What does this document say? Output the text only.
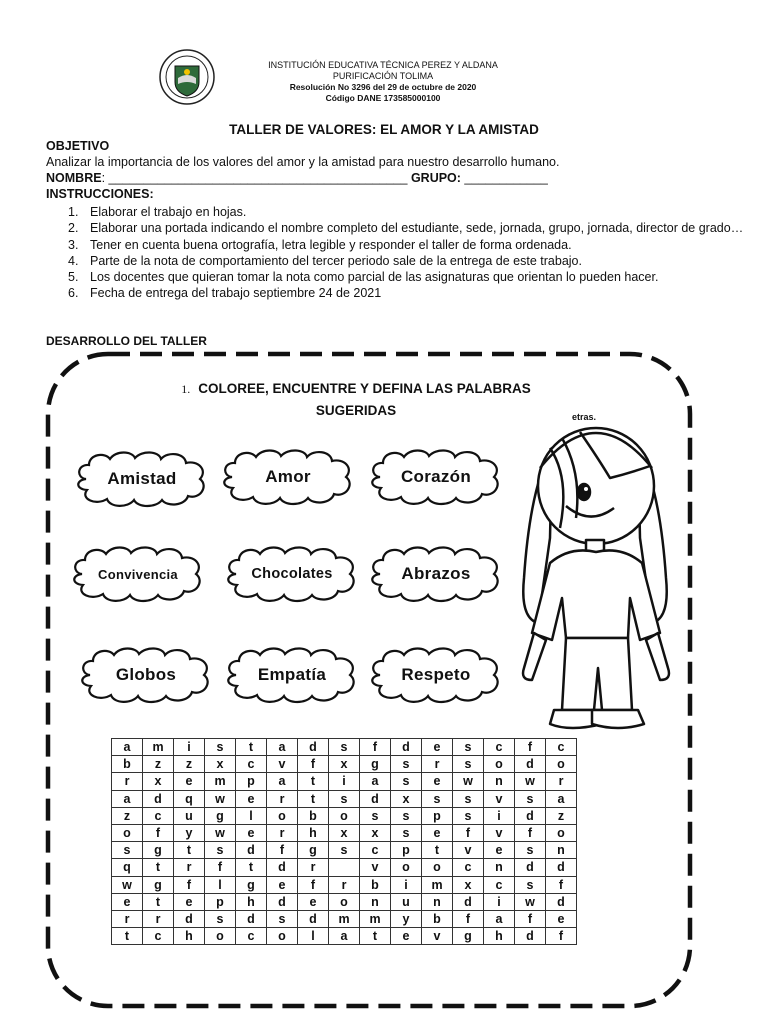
INSTITUCIÓN EDUCATIVA TÉCNICA PEREZ Y ALDANA
PURIFICACIÓN TOLIMA
Resolución No 3296 del 29 de octubre de 2020
Código DANE 173585000100
TALLER DE VALORES: EL AMOR Y LA AMISTAD
OBJETIVO
Analizar la importancia de los valores del amor y la amistad para nuestro desarrollo humano.
NOMBRE: ___________________________________________ GRUPO: ____________
INSTRUCCIONES:
1. Elaborar el trabajo en hojas.
2. Elaborar una portada indicando el nombre completo del estudiante, sede, jornada, grupo, jornada, director de grado…
3. Tener en cuenta buena ortografía, letra legible y responder el taller de forma ordenada.
4. Parte de la nota de comportamiento del tercer periodo sale de la entrega de este trabajo.
5. Los docentes que quieran tomar la nota como parcial de las asignaturas que orientan lo pueden hacer.
6. Fecha de entrega del trabajo septiembre 24 de 2021
DESARROLLO DEL TALLER
1. COLOREE, ENCUENTRE Y DEFINA LAS PALABRAS
SUGERIDAS	etras.
Amistad	Amor	Corazón
Convivencia	Chocolates	Abrazos
Globos	Empatía	Respeto
a	m	i	s	t	a	d	s	f	d	e	s	c	f	c
b	z	z	x	c	v	f	x	g	s	r	s	o	d	o
r	x	e	m	p	a	t	i	a	s	e	w	n	w	r
a	d	q	w	e	r	t	s	d	x	s	s	v	s	a
z	c	u	g	l	o	b	o	s	s	p	s	i	d	z
o	f	y	w	e	r	h	x	x	s	e	f	v	f	o
s	g	t	s	d	f	g	s	c	p	t	v	e	s	n
q	t	r	f	t	d	r		v	o	o	c	n	d	d
w	g	f	l	g	e	f	r	b	i	m	x	c	s	f
e	t	e	p	h	d	e	o	n	u	n	d	i	w	d
r	r	d	s	d	s	d	m	m	y	b	f	a	f	e
t	c	h	o	c	o	l	a	t	e	v	g	h	d	f
